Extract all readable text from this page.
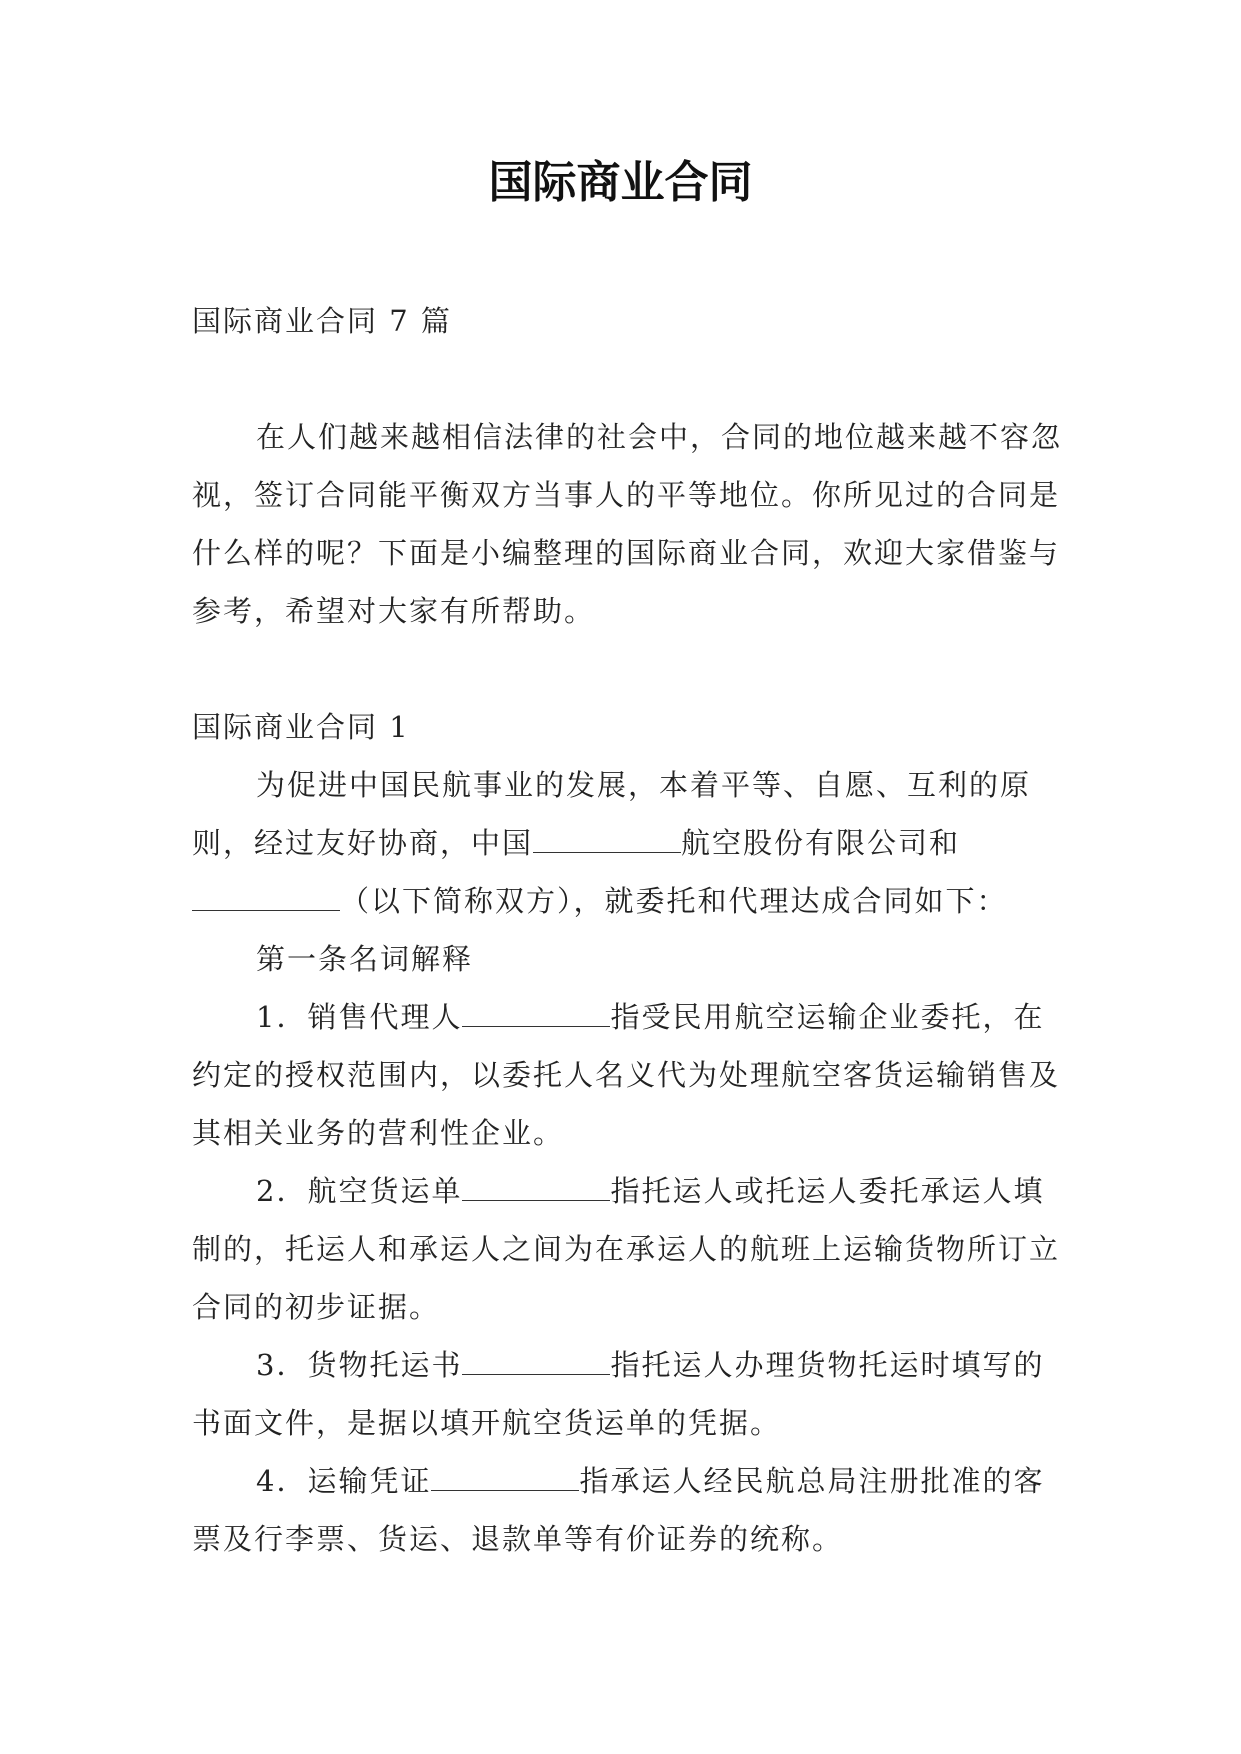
国际商业合同

国际商业合同 7 篇

在人们越来越相信法律的社会中，合同的地位越来越不容忽视，签订合同能平衡双方当事人的平等地位。你所见过的合同是什么样的呢？下面是小编整理的国际商业合同，欢迎大家借鉴与参考，希望对大家有所帮助。

国际商业合同 1

为促进中国民航事业的发展，本着平等、自愿、互利的原则，经过友好协商，中国	航空股份有限公司和（以下简称双方），就委托和代理达成合同如下：

第一条名词解释

1．销售代理人	指受民用航空运输企业委托，在约定的授权范围内，以委托人名义代为处理航空客货运输销售及其相关业务的营利性企业。

2．航空货运单	指托运人或托运人委托承运人填制的，托运人和承运人之间为在承运人的航班上运输货物所订立合同的初步证据。

3．货物托运书	指托运人办理货物托运时填写的书面文件，是据以填开航空货运单的凭据。

4．运输凭证	指承运人经民航总局注册批准的客票及行李票、货运、退款单等有价证券的统称。
